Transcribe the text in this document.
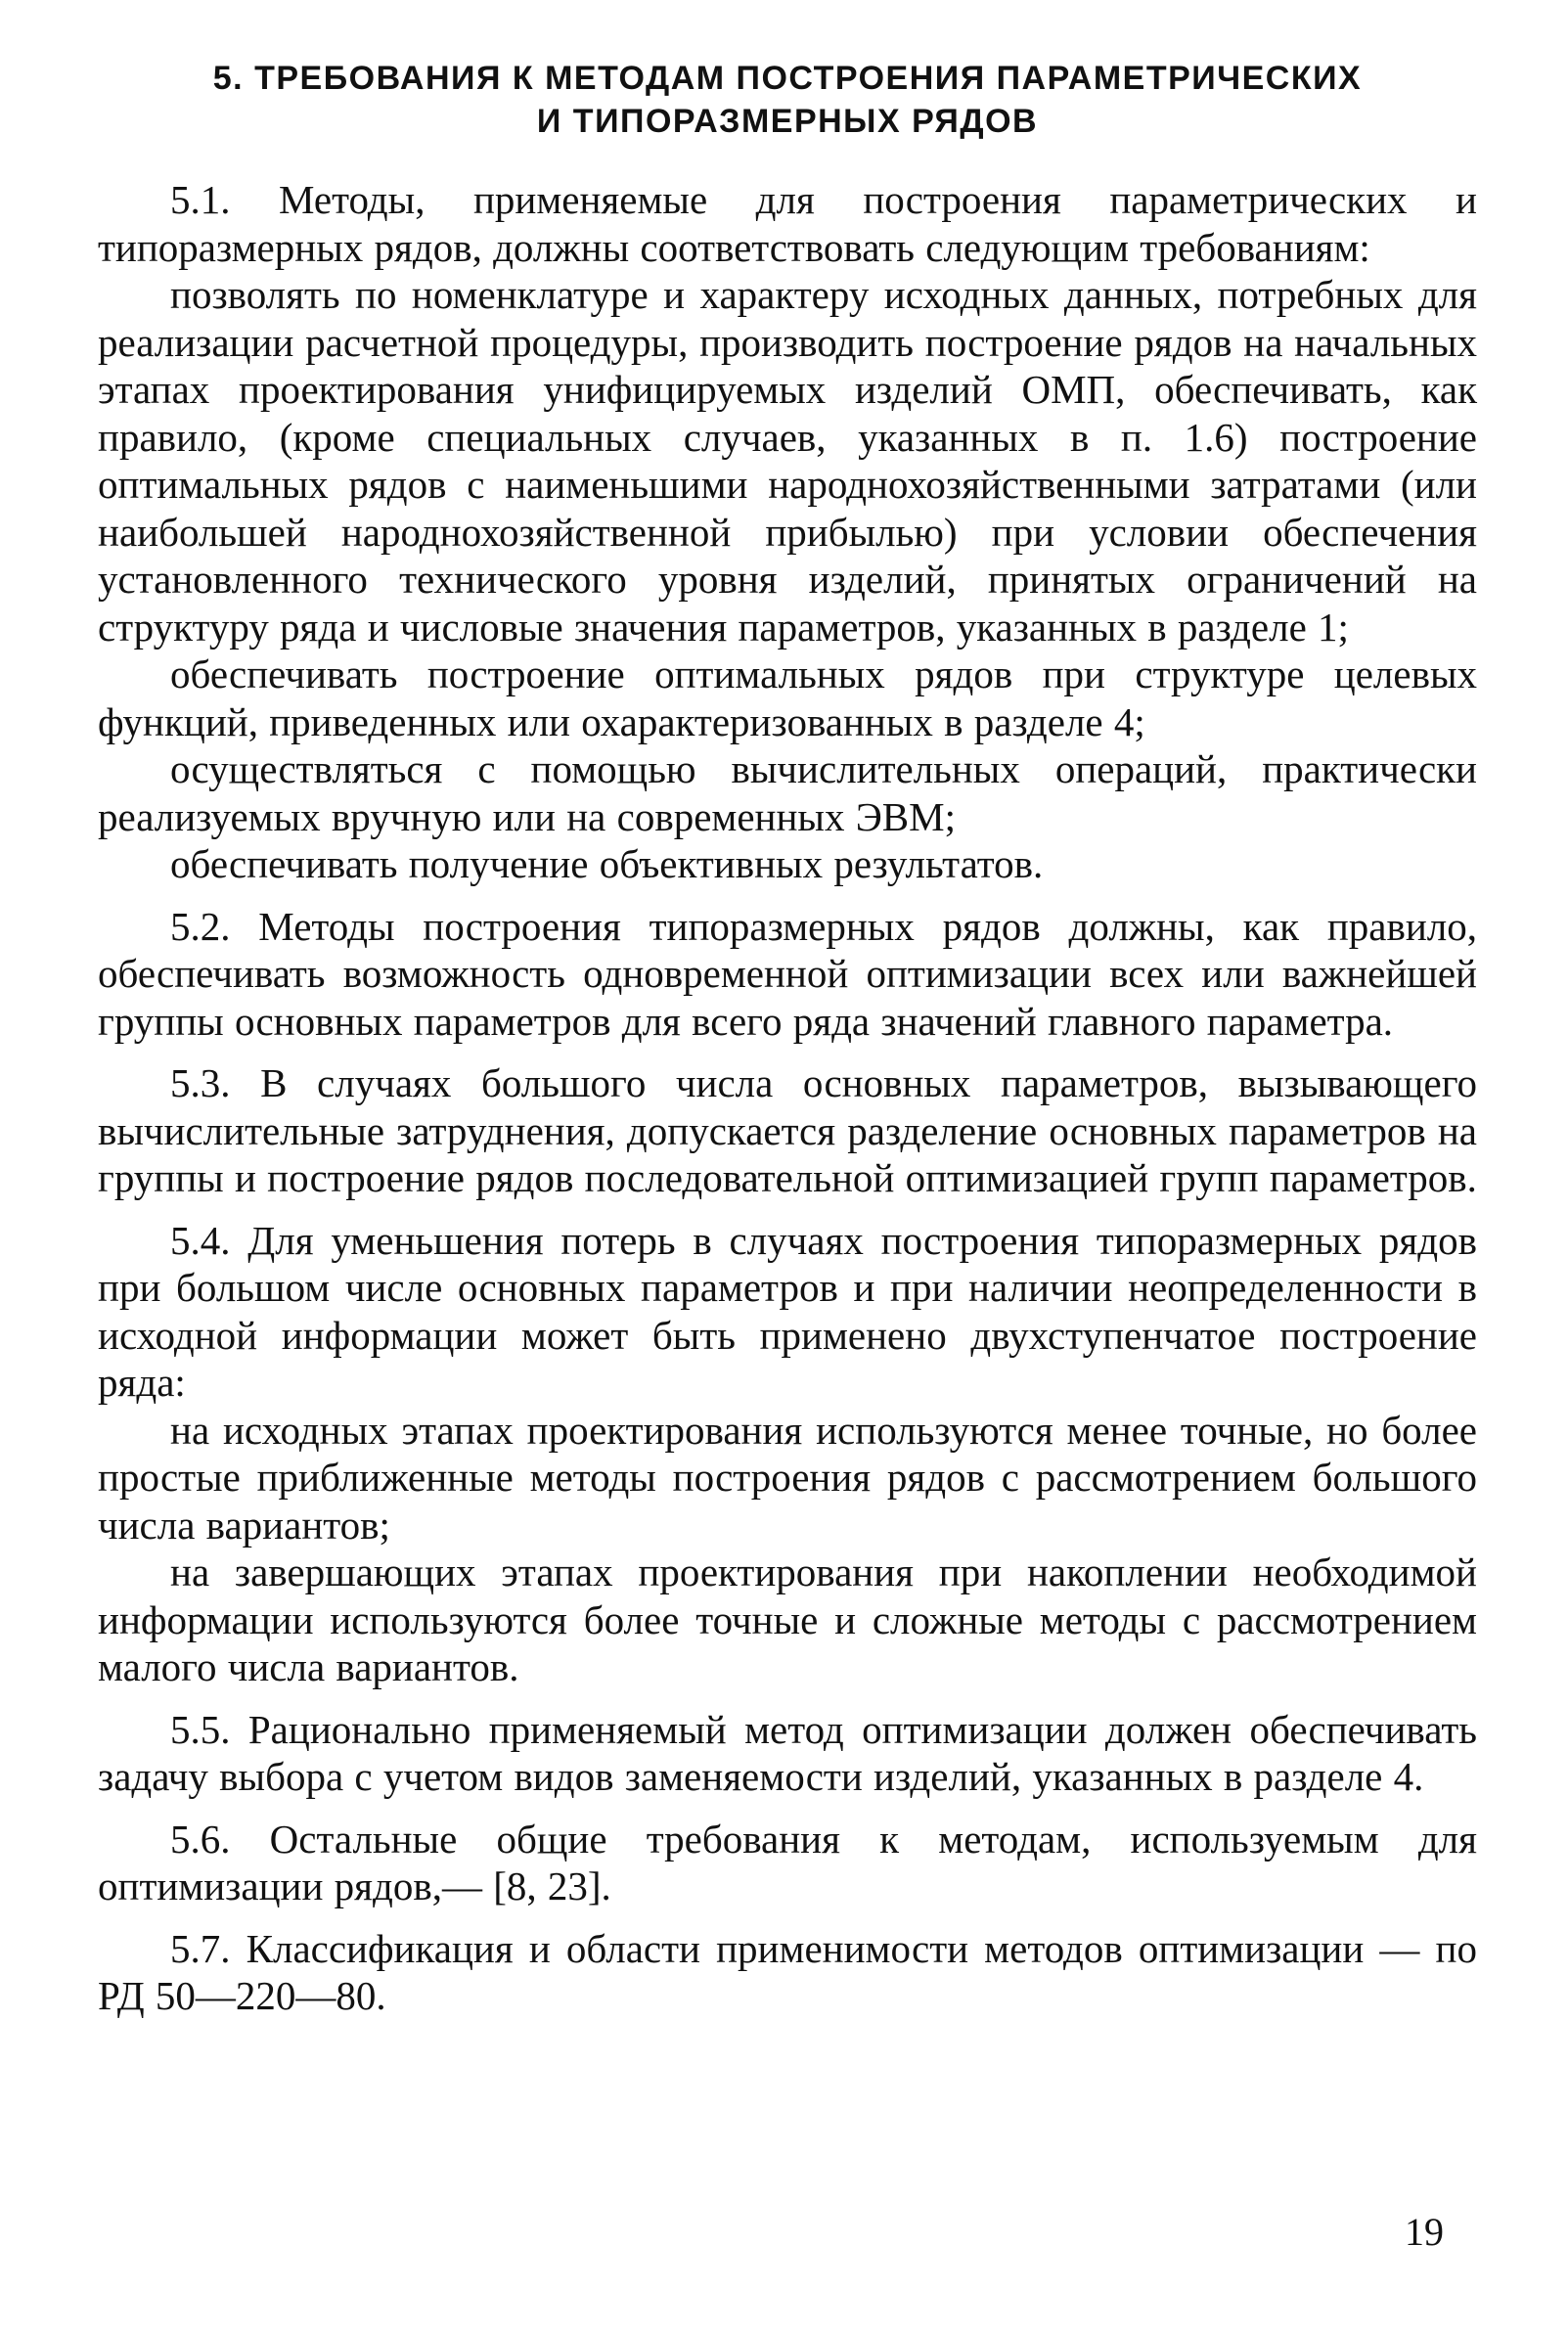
5. ТРЕБОВАНИЯ К МЕТОДАМ ПОСТРОЕНИЯ ПАРАМЕТРИЧЕСКИХ
И ТИПОРАЗМЕРНЫХ РЯДОВ

5.1. Методы, применяемые для построения параметрических и типоразмерных рядов, должны соответствовать следующим требованиям:

позволять по номенклатуре и характеру исходных данных, потребных для реализации расчетной процедуры, производить построение рядов на начальных этапах проектирования унифицируемых изделий ОМП, обеспечивать, как правило, (кроме специальных случаев, указанных в п. 1.6) построение оптимальных рядов с наименьшими народнохозяйственными затратами (или наибольшей народнохозяйственной прибылью) при условии обеспечения установленного технического уровня изделий, принятых ограничений на структуру ряда и числовые значения параметров, указанных в разделе 1;

обеспечивать построение оптимальных рядов при структуре целевых функций, приведенных или охарактеризованных в разделе 4;

осуществляться с помощью вычислительных операций, практически реализуемых вручную или на современных ЭВМ;

обеспечивать получение объективных результатов.

5.2. Методы построения типоразмерных рядов должны, как правило, обеспечивать возможность одновременной оптимизации всех или важнейшей группы основных параметров для всего ряда значений главного параметра.

5.3. В случаях большого числа основных параметров, вызывающего вычислительные затруднения, допускается разделение основных параметров на группы и построение рядов последовательной оптимизацией групп параметров.

5.4. Для уменьшения потерь в случаях построения типоразмерных рядов при большом числе основных параметров и при наличии неопределенности в исходной информации может быть применено двухступенчатое построение ряда:

на исходных этапах проектирования используются менее точные, но более простые приближенные методы построения рядов с рассмотрением большого числа вариантов;

на завершающих этапах проектирования при накоплении необходимой информации используются более точные и сложные методы с рассмотрением малого числа вариантов.

5.5. Рационально применяемый метод оптимизации должен обеспечивать задачу выбора с учетом видов заменяемости изделий, указанных в разделе 4.

5.6. Остальные общие требования к методам, используемым для оптимизации рядов,— [8, 23].

5.7. Классификация и области применимости методов оптимизации — по РД 50—220—80.

19
